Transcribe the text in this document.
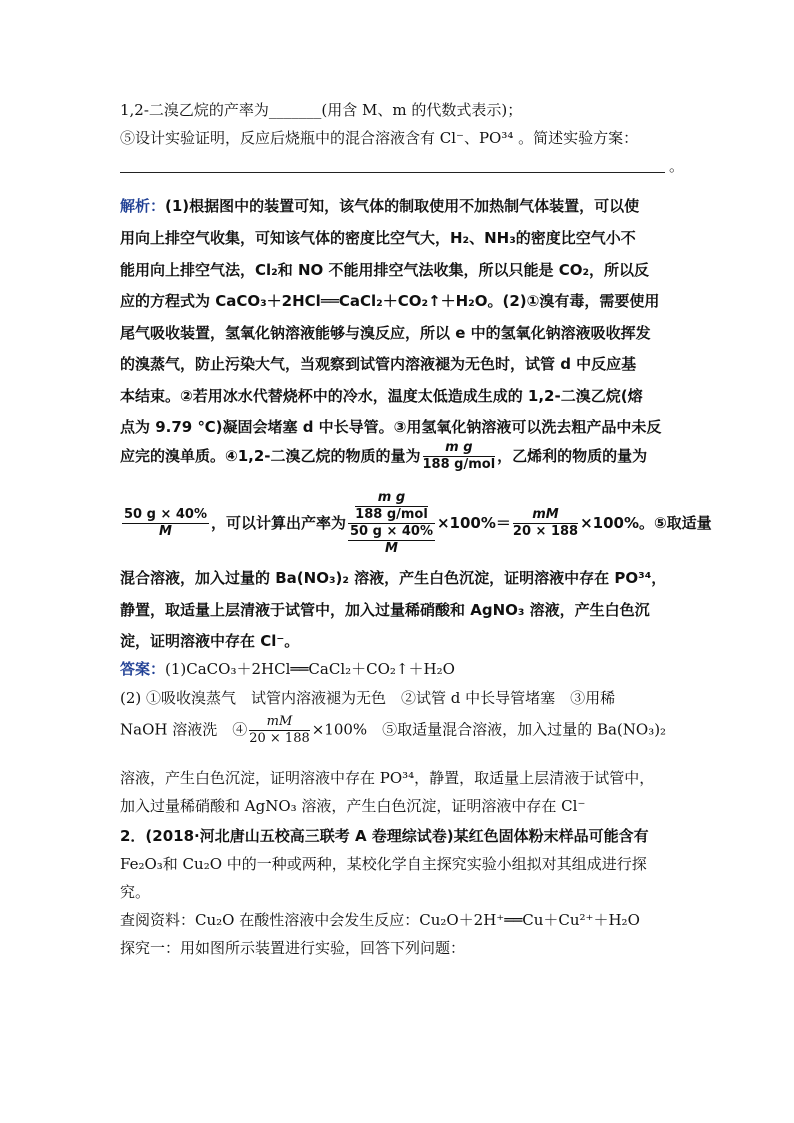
1,2‑二溴乙烷的产率为_______(用含 M、m 的代数式表示)；
⑤设计实验证明，反应后烧瓶中的混合溶液含有 Cl⁻、PO³⁴ 。简述实验方案：
。
解析：(1)根据图中的装置可知，该气体的制取使用不加热制气体装置，可以使
用向上排空气收集，可知该气体的密度比空气大，H₂、NH₃的密度比空气小不
能用向上排空气法，Cl₂和 NO 不能用排空气法收集，所以只能是 CO₂，所以反
应的方程式为 CaCO₃＋2HCl══CaCl₂＋CO₂↑＋H₂O。(2)①溴有毒，需要使用
尾气吸收装置，氢氧化钠溶液能够与溴反应，所以 e 中的氢氧化钠溶液吸收挥发
的溴蒸气，防止污染大气，当观察到试管内溶液褪为无色时，试管 d 中反应基
本结束。②若用冰水代替烧杯中的冷水，温度太低造成生成的 1,2‑二溴乙烷(熔
点为 9.79 ℃)凝固会堵塞 d 中长导管。③用氢氧化钠溶液可以洗去粗产品中未反
应完的溴单质。④1,2‑二溴乙烷的物质的量为 $\frac{\text{m g}}{\text{188 g/mol}}$ ，乙烯利的物质的量为
$\frac{50 g \times 40\%}{M}$ ，可以计算出产率为 $\frac{\frac{\text{m g}}{\text{188 g/mol}}}{\frac{50 g \times 40\%}{M}} \times 100\%= \frac{mM}{20 \times 188} \times 100\%$。⑤取适量
混合溶液，加入过量的 Ba(NO₃)₂ 溶液，产生白色沉淀，证明溶液中存在 PO³⁴，
静置，取适量上层清液于试管中，加入过量稀硝酸和 AgNO₃ 溶液，产生白色沉
淀，证明溶液中存在 Cl⁻。
答案：(1)CaCO₃＋2HCl══CaCl₂＋CO₂↑＋H₂O
(2) ①吸收溴蒸气　试管内溶液褪为无色　②试管 d 中长导管堵塞　③用稀
NaOH 溶液洗　④ $\frac{mM}{20 \times 188} \times 100\%$　⑤取适量混合溶液，加入过量的 Ba(NO₃)₂
溶液，产生白色沉淀，证明溶液中存在 PO³⁴，静置，取适量上层清液于试管中，
加入过量稀硝酸和 AgNO₃ 溶液，产生白色沉淀，证明溶液中存在 Cl⁻
2．(2018·河北唐山五校高三联考 A 卷理综试卷)某红色固体粉末样品可能含有
Fe₂O₃和 Cu₂O 中的一种或两种，某校化学自主探究实验小组拟对其组成进行探
究。
查阅资料：Cu₂O 在酸性溶液中会发生反应：Cu₂O＋2H⁺══Cu＋Cu²⁺＋H₂O
探究一：用如图所示装置进行实验，回答下列问题：
